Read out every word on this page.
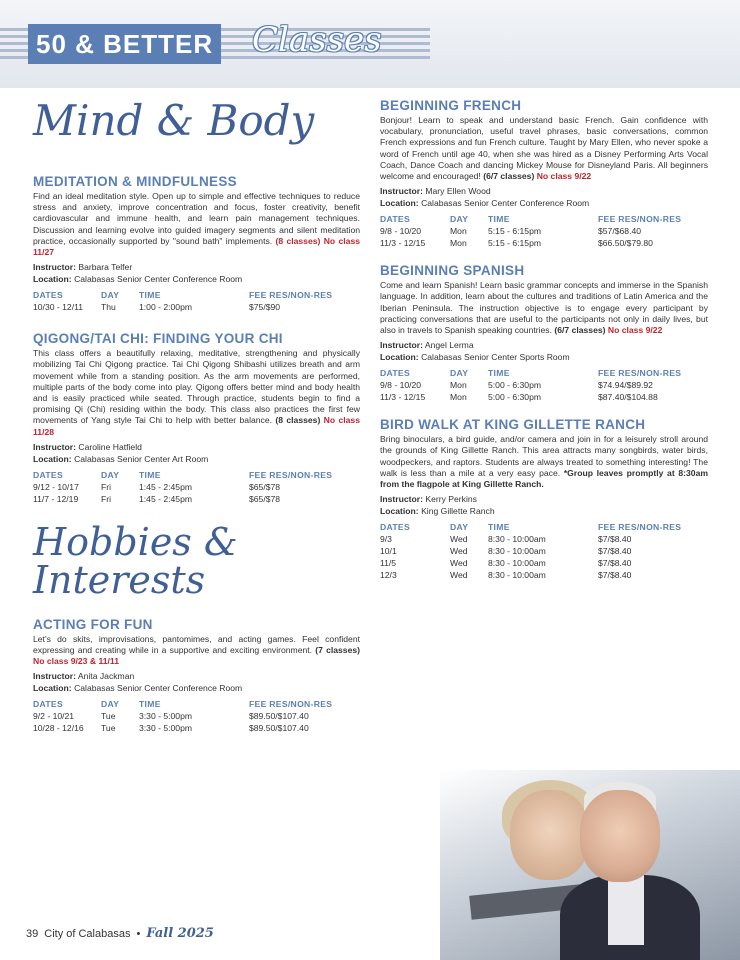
50 & BETTER Classes
Mind & Body
MEDITATION & MINDFULNESS

Find an ideal meditation style. Open up to simple and effective techniques to reduce stress and anxiety, improve concentration and focus, foster creativity, benefit cardiovascular and immune health, and learn pain management techniques. Discussion and learning evolve into guided imagery segments and silent meditation practice, occasionally supported by "sound bath" implements. (8 classes) No class 11/27

Instructor: Barbara Telfer
Location: Calabasas Senior Center Conference Room
DATES	DAY	TIME	FEE RES/NON-RES
10/30 - 12/11	Thu	1:00 - 2:00pm	$75/$90
QIGONG/TAI CHI: FINDING YOUR CHI

This class offers a beautifully relaxing, meditative, strengthening and physically mobilizing Tai Chi Qigong practice. Tai Chi Qigong Shibashi utilizes breath and arm movement while from a standing position. As the arm movements are performed, multiple parts of the body come into play. Qigong offers better mind and body health and is easily practiced while seated. Through practice, students begin to find a promising Qi (Chi) residing within the body. This class also practices the first few movements of Yang style Tai Chi to help with better balance. (8 classes) No class 11/28

Instructor: Caroline Hatfield
Location: Calabasas Senior Center Art Room
DATES	DAY	TIME	FEE RES/NON-RES
9/12 - 10/17	Fri	1:45 - 2:45pm	$65/$78
11/7 - 12/19	Fri	1:45 - 2:45pm	$65/$78
Hobbies & Interests
ACTING FOR FUN

Let's do skits, improvisations, pantomimes, and acting games. Feel confident expressing and creating while in a supportive and exciting environment. (7 classes) No class 9/23 & 11/11

Instructor: Anita Jackman
Location: Calabasas Senior Center Conference Room
DATES	DAY	TIME	FEE RES/NON-RES
9/2 - 10/21	Tue	3:30 - 5:00pm	$89.50/$107.40
10/28 - 12/16	Tue	3:30 - 5:00pm	$89.50/$107.40
BEGINNING FRENCH

Bonjour! Learn to speak and understand basic French. Gain confidence with vocabulary, pronunciation, useful travel phrases, basic conversations, common French expressions and fun French culture. Taught by Mary Ellen, who never spoke a word of French until age 40, when she was hired as a Disney Performing Arts Vocal Coach, Dance Coach and dancing Mickey Mouse for Disneyland Paris. All beginners welcome and encouraged! (6/7 classes) No class 9/22

Instructor: Mary Ellen Wood
Location: Calabasas Senior Center Conference Room
DATES	DAY	TIME	FEE RES/NON-RES
9/8 - 10/20	Mon	5:15 - 6:15pm	$57/$68.40
11/3 - 12/15	Mon	5:15 - 6:15pm	$66.50/$79.80
BEGINNING SPANISH

Come and learn Spanish! Learn basic grammar concepts and immerse in the Spanish language. In addition, learn about the cultures and traditions of Latin America and the Iberian Peninsula. The instruction objective is to engage every participant by practicing conversations that are useful to the participants not only in daily lives, but also in travels to Spanish speaking countries. (6/7 classes) No class 9/22

Instructor: Angel Lerma
Location: Calabasas Senior Center Sports Room
DATES	DAY	TIME	FEE RES/NON-RES
9/8 - 10/20	Mon	5:00 - 6:30pm	$74.94/$89.92
11/3 - 12/15	Mon	5:00 - 6:30pm	$87.40/$104.88
BIRD WALK AT KING GILLETTE RANCH

Bring binoculars, a bird guide, and/or camera and join in for a leisurely stroll around the grounds of King Gillette Ranch. This area attracts many songbirds, water birds, woodpeckers, and raptors. Students are always treated to something interesting! The walk is less than a mile at a very easy pace. *Group leaves promptly at 8:30am from the flagpole at King Gillette Ranch.

Instructor: Kerry Perkins
Location: King Gillette Ranch
DATES	DAY	TIME	FEE RES/NON-RES
9/3	Wed	8:30 - 10:00am	$7/$8.40
10/1	Wed	8:30 - 10:00am	$7/$8.40
11/5	Wed	8:30 - 10:00am	$7/$8.40
12/3	Wed	8:30 - 10:00am	$7/$8.40
39 City of Calabasas • Fall 2025
